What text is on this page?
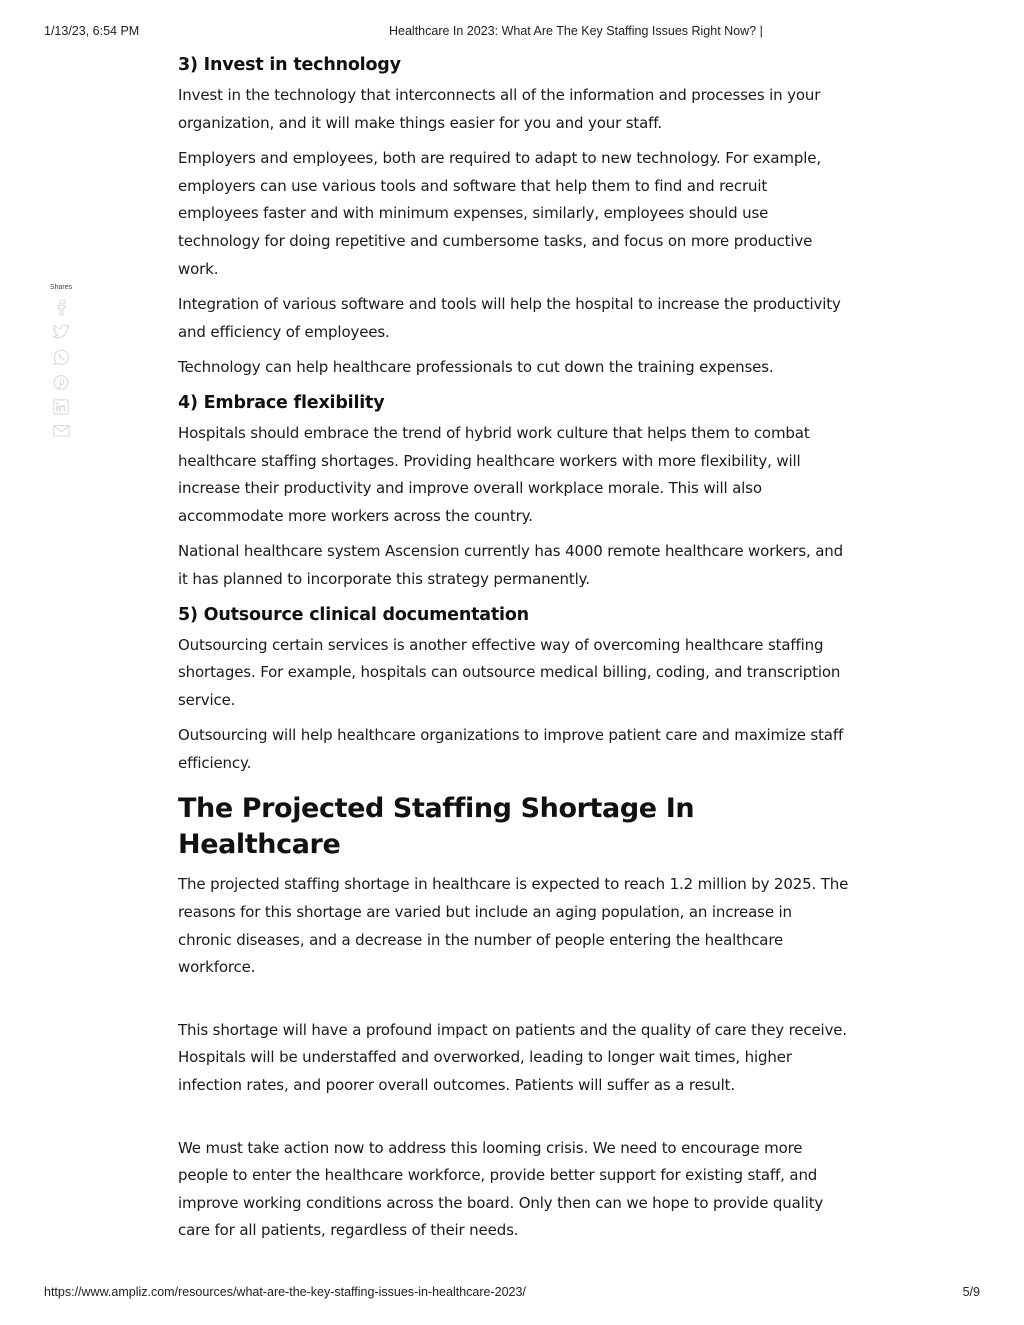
1/13/23, 6:54 PM	Healthcare In 2023: What Are The Key Staffing Issues Right Now? |
Shares
3) Invest in technology

Invest in the technology that interconnects all of the information and processes in your organization, and it will make things easier for you and your staff.

Employers and employees, both are required to adapt to new technology. For example, employers can use various tools and software that help them to find and recruit employees faster and with minimum expenses, similarly, employees should use technology for doing repetitive and cumbersome tasks, and focus on more productive work.

Integration of various software and tools will help the hospital to increase the productivity and efficiency of employees.

Technology can help healthcare professionals to cut down the training expenses.

4) Embrace flexibility

Hospitals should embrace the trend of hybrid work culture that helps them to combat healthcare staffing shortages. Providing healthcare workers with more flexibility, will increase their productivity and improve overall workplace morale. This will also accommodate more workers across the country.

National healthcare system Ascension currently has 4000 remote healthcare workers, and it has planned to incorporate this strategy permanently.

5) Outsource clinical documentation

Outsourcing certain services is another effective way of overcoming healthcare staffing shortages. For example, hospitals can outsource medical billing, coding, and transcription service.

Outsourcing will help healthcare organizations to improve patient care and maximize staff efficiency.

The Projected Staffing Shortage In Healthcare

The projected staffing shortage in healthcare is expected to reach 1.2 million by 2025. The reasons for this shortage are varied but include an aging population, an increase in chronic diseases, and a decrease in the number of people entering the healthcare workforce.

This shortage will have a profound impact on patients and the quality of care they receive. Hospitals will be understaffed and overworked, leading to longer wait times, higher infection rates, and poorer overall outcomes. Patients will suffer as a result.

We must take action now to address this looming crisis. We need to encourage more people to enter the healthcare workforce, provide better support for existing staff, and improve working conditions across the board. Only then can we hope to provide quality care for all patients, regardless of their needs.

https://www.ampliz.com/resources/what-are-the-key-staffing-issues-in-healthcare-2023/	5/9
